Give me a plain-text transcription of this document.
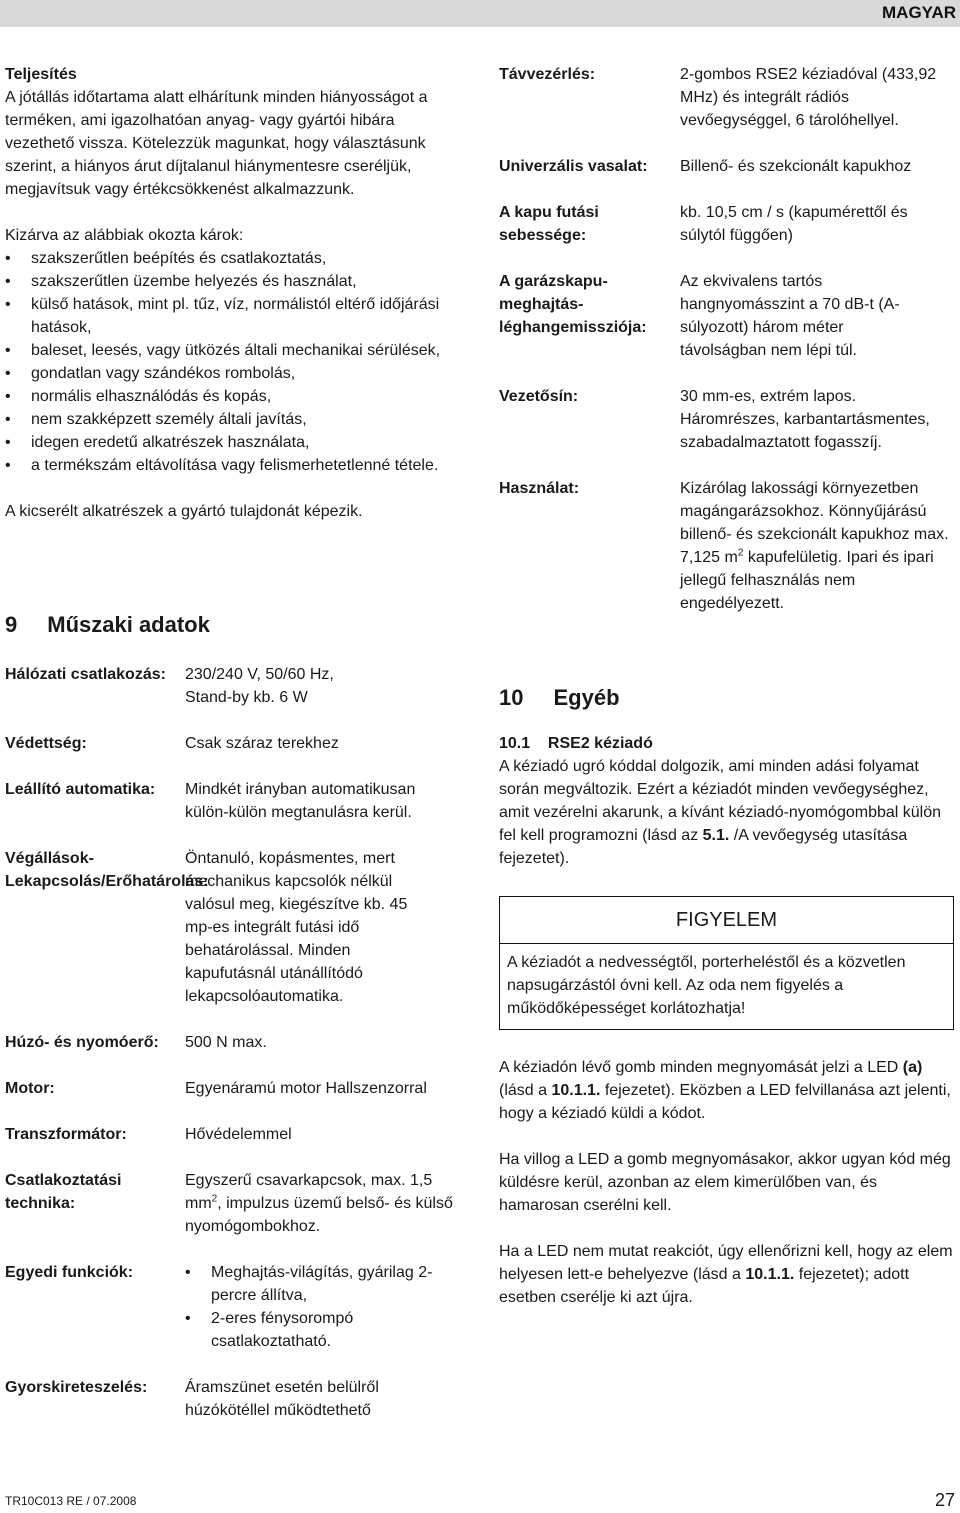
MAGYAR
Teljesítés

A jótállás időtartama alatt elhárítunk minden hiányosságot a terméken, ami igazolhatóan anyag- vagy gyártói hibára vezethető vissza. Kötelezzük magunkat, hogy választásunk szerint, a hiányos árut díjtalanul hiánymentesre cseréljük, megjavítsuk vagy értékcsökkenést alkalmazzunk.

Kizárva az alábbiak okozta károk:

• szakszerűtlen beépítés és csatlakoztatás,
• szakszerűtlen üzembe helyezés és használat,
• külső hatások, mint pl. tűz, víz, normálistól eltérő időjárási hatások,
• baleset, leesés, vagy ütközés általi mechanikai sérülések,
• gondatlan vagy szándékos rombolás,
• normális elhasználódás és kopás,
• nem szakképzett személy általi javítás,
• idegen eredetű alkatrészek használata,
• a termékszám eltávolítása vagy felismerhetetlenné tétele.

A kicserélt alkatrészek a gyártó tulajdonát képezik.

9 Műszaki adatok
Hálózati csatlakozás:	230/240 V, 50/60 Hz, Stand-by kb. 6 W
Védettség:	Csak száraz terekhez
Leállító automatika:	Mindkét irányban automatikusan külön-külön megtanulásra kerül.
Végállások-Lekapcsolás/Erőhatárolás:
Öntanuló, kopásmentes, mert mechanikus kapcsolók nélkül valósul meg, kiegészítve kb. 45 mp-es integrált futási idő behatárolással. Minden kapufutásnál utánállítódó lekapcsolóautomatika.
Húzó- és nyomóerő:	500 N max.
Motor:	Egyenáramú motor Hallszenzorral
Transzformátor:	Hővédelemmel
Csatlakoztatási technika:
Egyszerű csavarkapcsok, max. 1,5 $mm^2$, impulzus üzemű belső- és külső nyomógombokhoz.
Egyedi funkciók:
•	Meghajtás-világítás, gyárilag 2-percre állítva,
• 2-eres fénysorompó csatlakoztatható.
Gyorskireteszelés:	Áramszünet esetén belülről húzókötéllel működtethető
Távvezérlés:	2-gombos RSE2 kéziadóval (433,92 MHz) és integrált rádiós vevőegységgel, 6 tárolóhellyel.
Univerzális vasalat:	Billenő- és szekcionált kapukhoz
A kapu futási sebessége:
kb. 10,5 cm / s (kapumérettől és súlytól függően)
A garázskapu-meghajtás-léghangemissziója:
Az ekvivalens tartós hangnyomásszint a 70 dB-t (A-súlyozott) három méter távolságban nem lépi túl.
Vezetősín:	30 mm-es, extrém lapos. Háromrészes, karbantartásmentes, szabadalmaztatott fogasszíj.
Használat:	Kizárólag lakossági környezetben magángarázsokhoz. Könnyűjárású billenő- és szekcionált kapukhoz max. 7,125 $m^2$ kapufelületig. Ipari és ipari jellegű felhasználás nem engedélyezett.
10 Egyéb
10.1 RSE2 kéziadó

A kéziadó ugró kóddal dolgozik, ami minden adási folyamat során megváltozik. Ezért a kéziadót minden vevőegységhez, amit vezérelni akarunk, a kívánt kéziadó-nyomógombbal külön fel kell programozni (lásd az 5.1. /A vevőegység utasítása fejezetet).

FIGYELEM
A kéziadót a nedvességtől, porterheléstől és a közvetlen napsugárzástól óvni kell. Az oda nem figyelés a működőképességet korlátozhatja!

A kéziadón lévő gomb minden megnyomását jelzi a LED (a) (lásd a 10.1.1. fejezetet). Eközben a LED felvillanása azt jelenti, hogy a kéziadó küldi a kódot.

Ha villog a LED a gomb megnyomásakor, akkor ugyan kód még küldésre kerül, azonban az elem kimerülőben van, és hamarosan cserélni kell.

Ha a LED nem mutat reakciót, úgy ellenőrizni kell, hogy az elem helyesen lett-e behelyezve (lásd a 10.1.1. fejezetet); adott esetben cserélje ki azt újra.

TR10C013 RE / 07.2008	27
